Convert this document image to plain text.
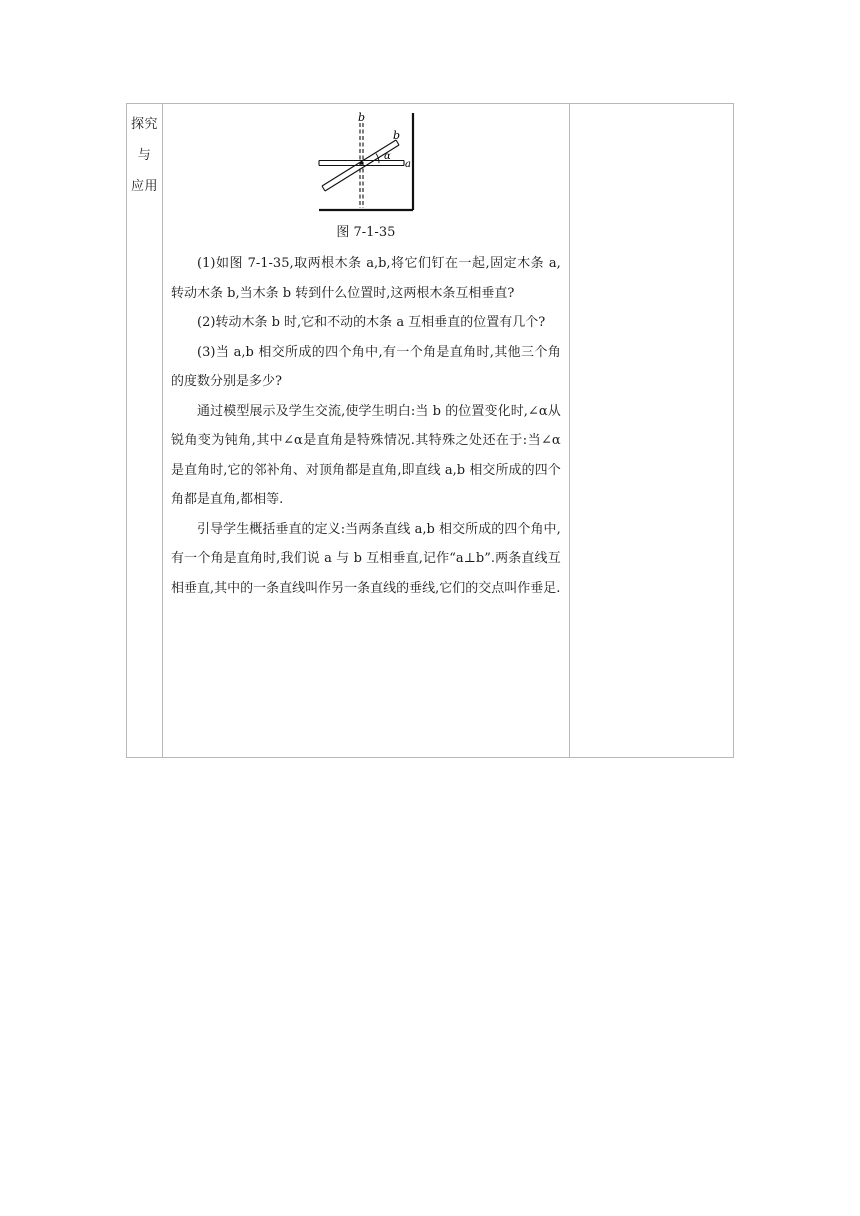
探究
与
应用

b
b
α
a
图 7-1-35

(1)如图 7-1-35,取两根木条 a,b,将它们钉在一起,固定木条 a,转动木条 b,当木条 b 转到什么位置时,这两根木条互相垂直?

(2)转动木条 b 时,它和不动的木条 a 互相垂直的位置有几个?

(3)当 a,b 相交所成的四个角中,有一个角是直角时,其他三个角的度数分别是多少?

通过模型展示及学生交流,使学生明白:当 b 的位置变化时,∠α从锐角变为钝角,其中∠α是直角是特殊情况.其特殊之处还在于:当∠α是直角时,它的邻补角、对顶角都是直角,即直线 a,b 相交所成的四个角都是直角,都相等.

引导学生概括垂直的定义:当两条直线 a,b 相交所成的四个角中,有一个角是直角时,我们说 a 与 b 互相垂直,记作“a⊥b”.两条直线互相垂直,其中的一条直线叫作另一条直线的垂线,它们的交点叫作垂足.
